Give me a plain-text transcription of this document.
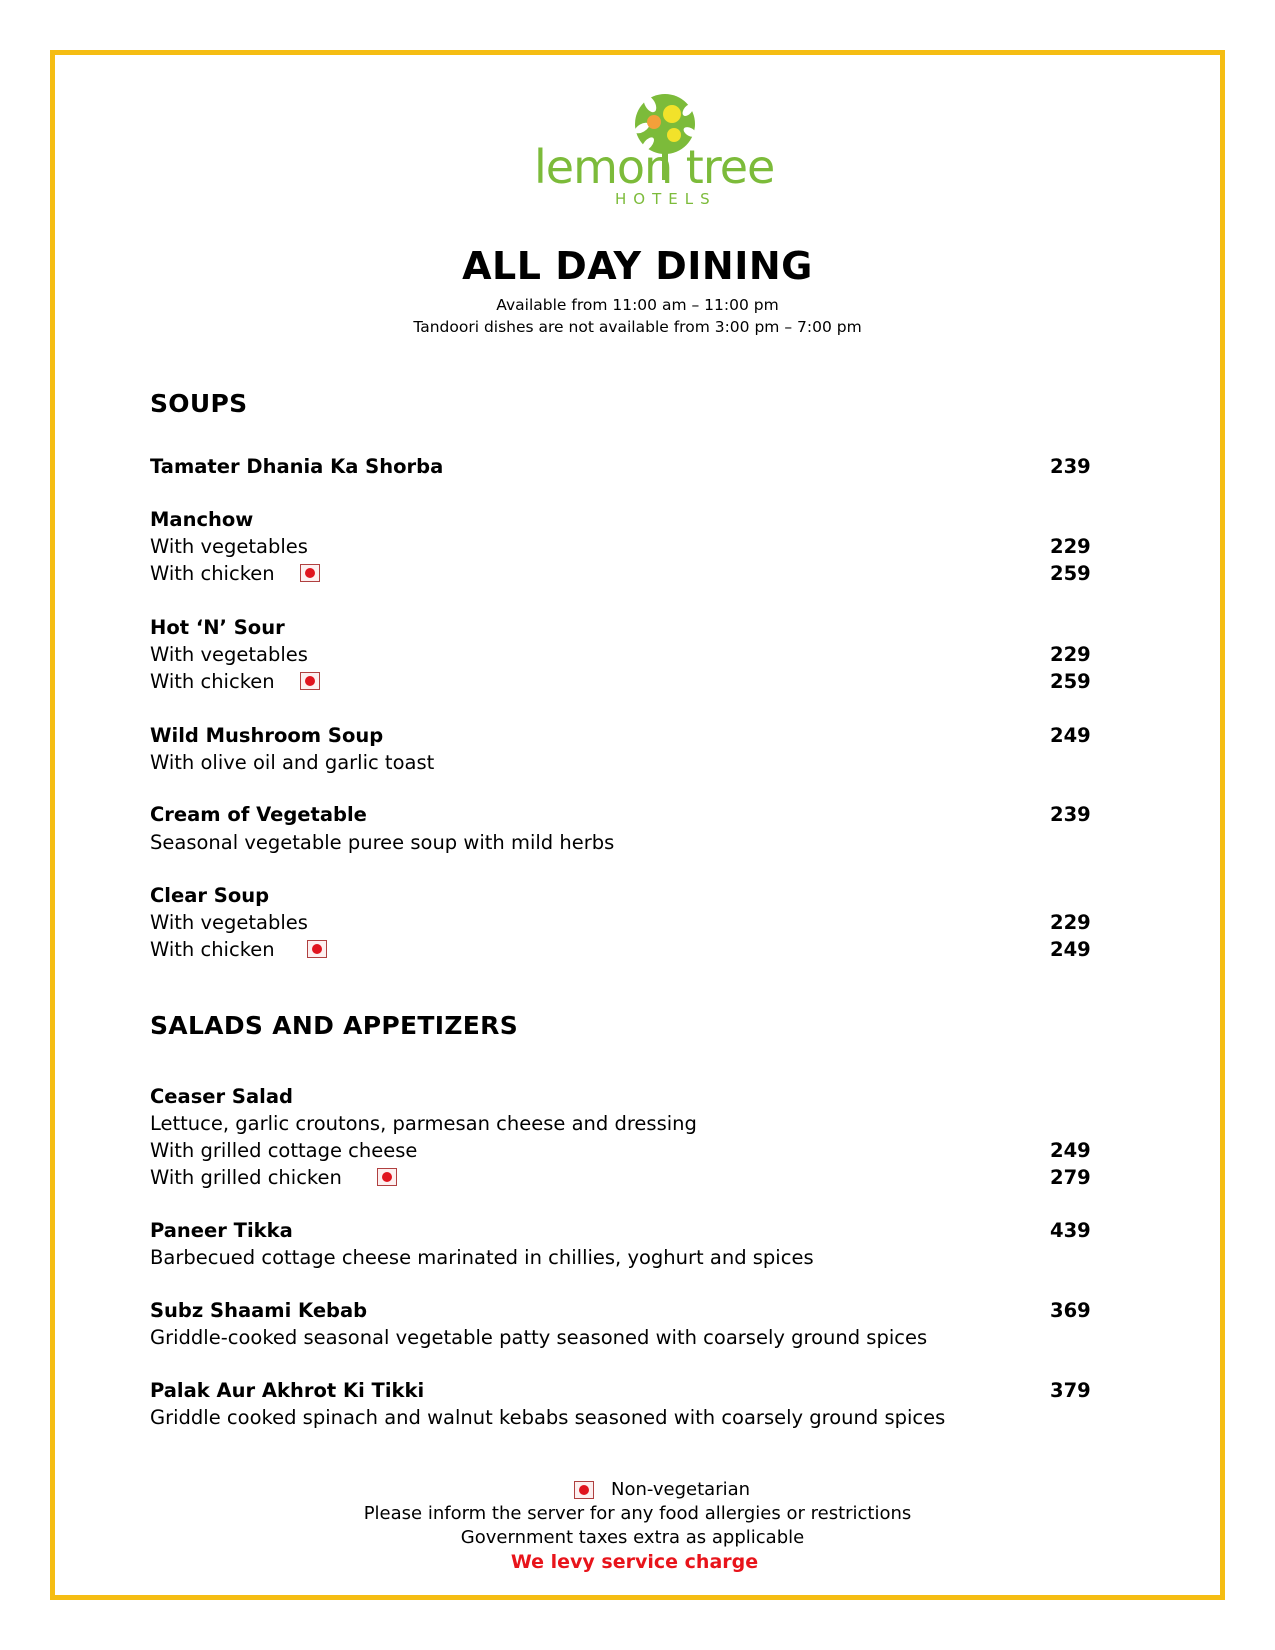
lemon tree
HOTELS
ALL DAY DINING
Available from 11:00 am – 11:00 pm
Tandoori dishes are not available from 3:00 pm – 7:00 pm
SOUPS
Tamater Dhania Ka Shorba	239
Manchow
With vegetables	229
With chicken	259
Hot ‘N’ Sour
With vegetables	229
With chicken	259
Wild Mushroom Soup	249
With olive oil and garlic toast
Cream of Vegetable	239
Seasonal vegetable puree soup with mild herbs
Clear Soup
With vegetables	229
With chicken	249
SALADS AND APPETIZERS
Ceaser Salad
Lettuce, garlic croutons, parmesan cheese and dressing
With grilled cottage cheese	249
With grilled chicken	279
Paneer Tikka	439
Barbecued cottage cheese marinated in chillies, yoghurt and spices
Subz Shaami Kebab	369
Griddle-cooked seasonal vegetable patty seasoned with coarsely ground spices
Palak Aur Akhrot Ki Tikki	379
Griddle cooked spinach and walnut kebabs seasoned with coarsely ground spices
Non-vegetarian
Please inform the server for any food allergies or restrictions
Government taxes extra as applicable
We levy service charge
